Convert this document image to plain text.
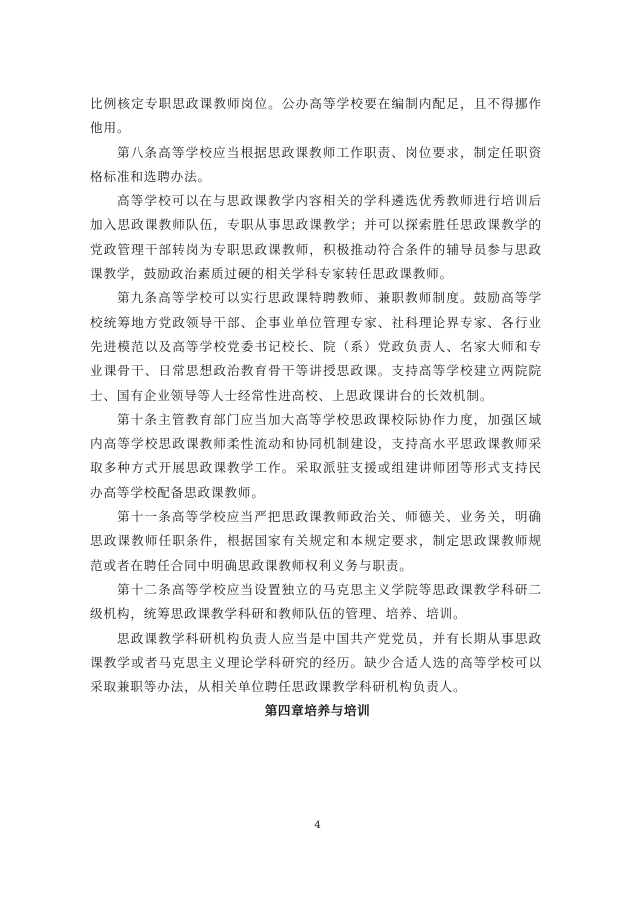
比例核定专职思政课教师岗位。公办高等学校要在编制内配足，且不得挪作他用。

第八条高等学校应当根据思政课教师工作职责、岗位要求，制定任职资格标准和选聘办法。

高等学校可以在与思政课教学内容相关的学科遴选优秀教师进行培训后加入思政课教师队伍，专职从事思政课教学；并可以探索胜任思政课教学的党政管理干部转岗为专职思政课教师，积极推动符合条件的辅导员参与思政课教学，鼓励政治素质过硬的相关学科专家转任思政课教师。

第九条高等学校可以实行思政课特聘教师、兼职教师制度。鼓励高等学校统筹地方党政领导干部、企事业单位管理专家、社科理论界专家、各行业先进模范以及高等学校党委书记校长、院（系）党政负责人、名家大师和专业课骨干、日常思想政治教育骨干等讲授思政课。支持高等学校建立两院院士、国有企业领导等人士经常性进高校、上思政课讲台的长效机制。

第十条主管教育部门应当加大高等学校思政课校际协作力度，加强区域内高等学校思政课教师柔性流动和协同机制建设，支持高水平思政课教师采取多种方式开展思政课教学工作。采取派驻支援或组建讲师团等形式支持民办高等学校配备思政课教师。

第十一条高等学校应当严把思政课教师政治关、师德关、业务关，明确思政课教师任职条件，根据国家有关规定和本规定要求，制定思政课教师规范或者在聘任合同中明确思政课教师权利义务与职责。

第十二条高等学校应当设置独立的马克思主义学院等思政课教学科研二级机构，统筹思政课教学科研和教师队伍的管理、培养、培训。

思政课教学科研机构负责人应当是中国共产党党员，并有长期从事思政课教学或者马克思主义理论学科研究的经历。缺少合适人选的高等学校可以采取兼职等办法，从相关单位聘任思政课教学科研机构负责人。

第四章培养与培训

4
